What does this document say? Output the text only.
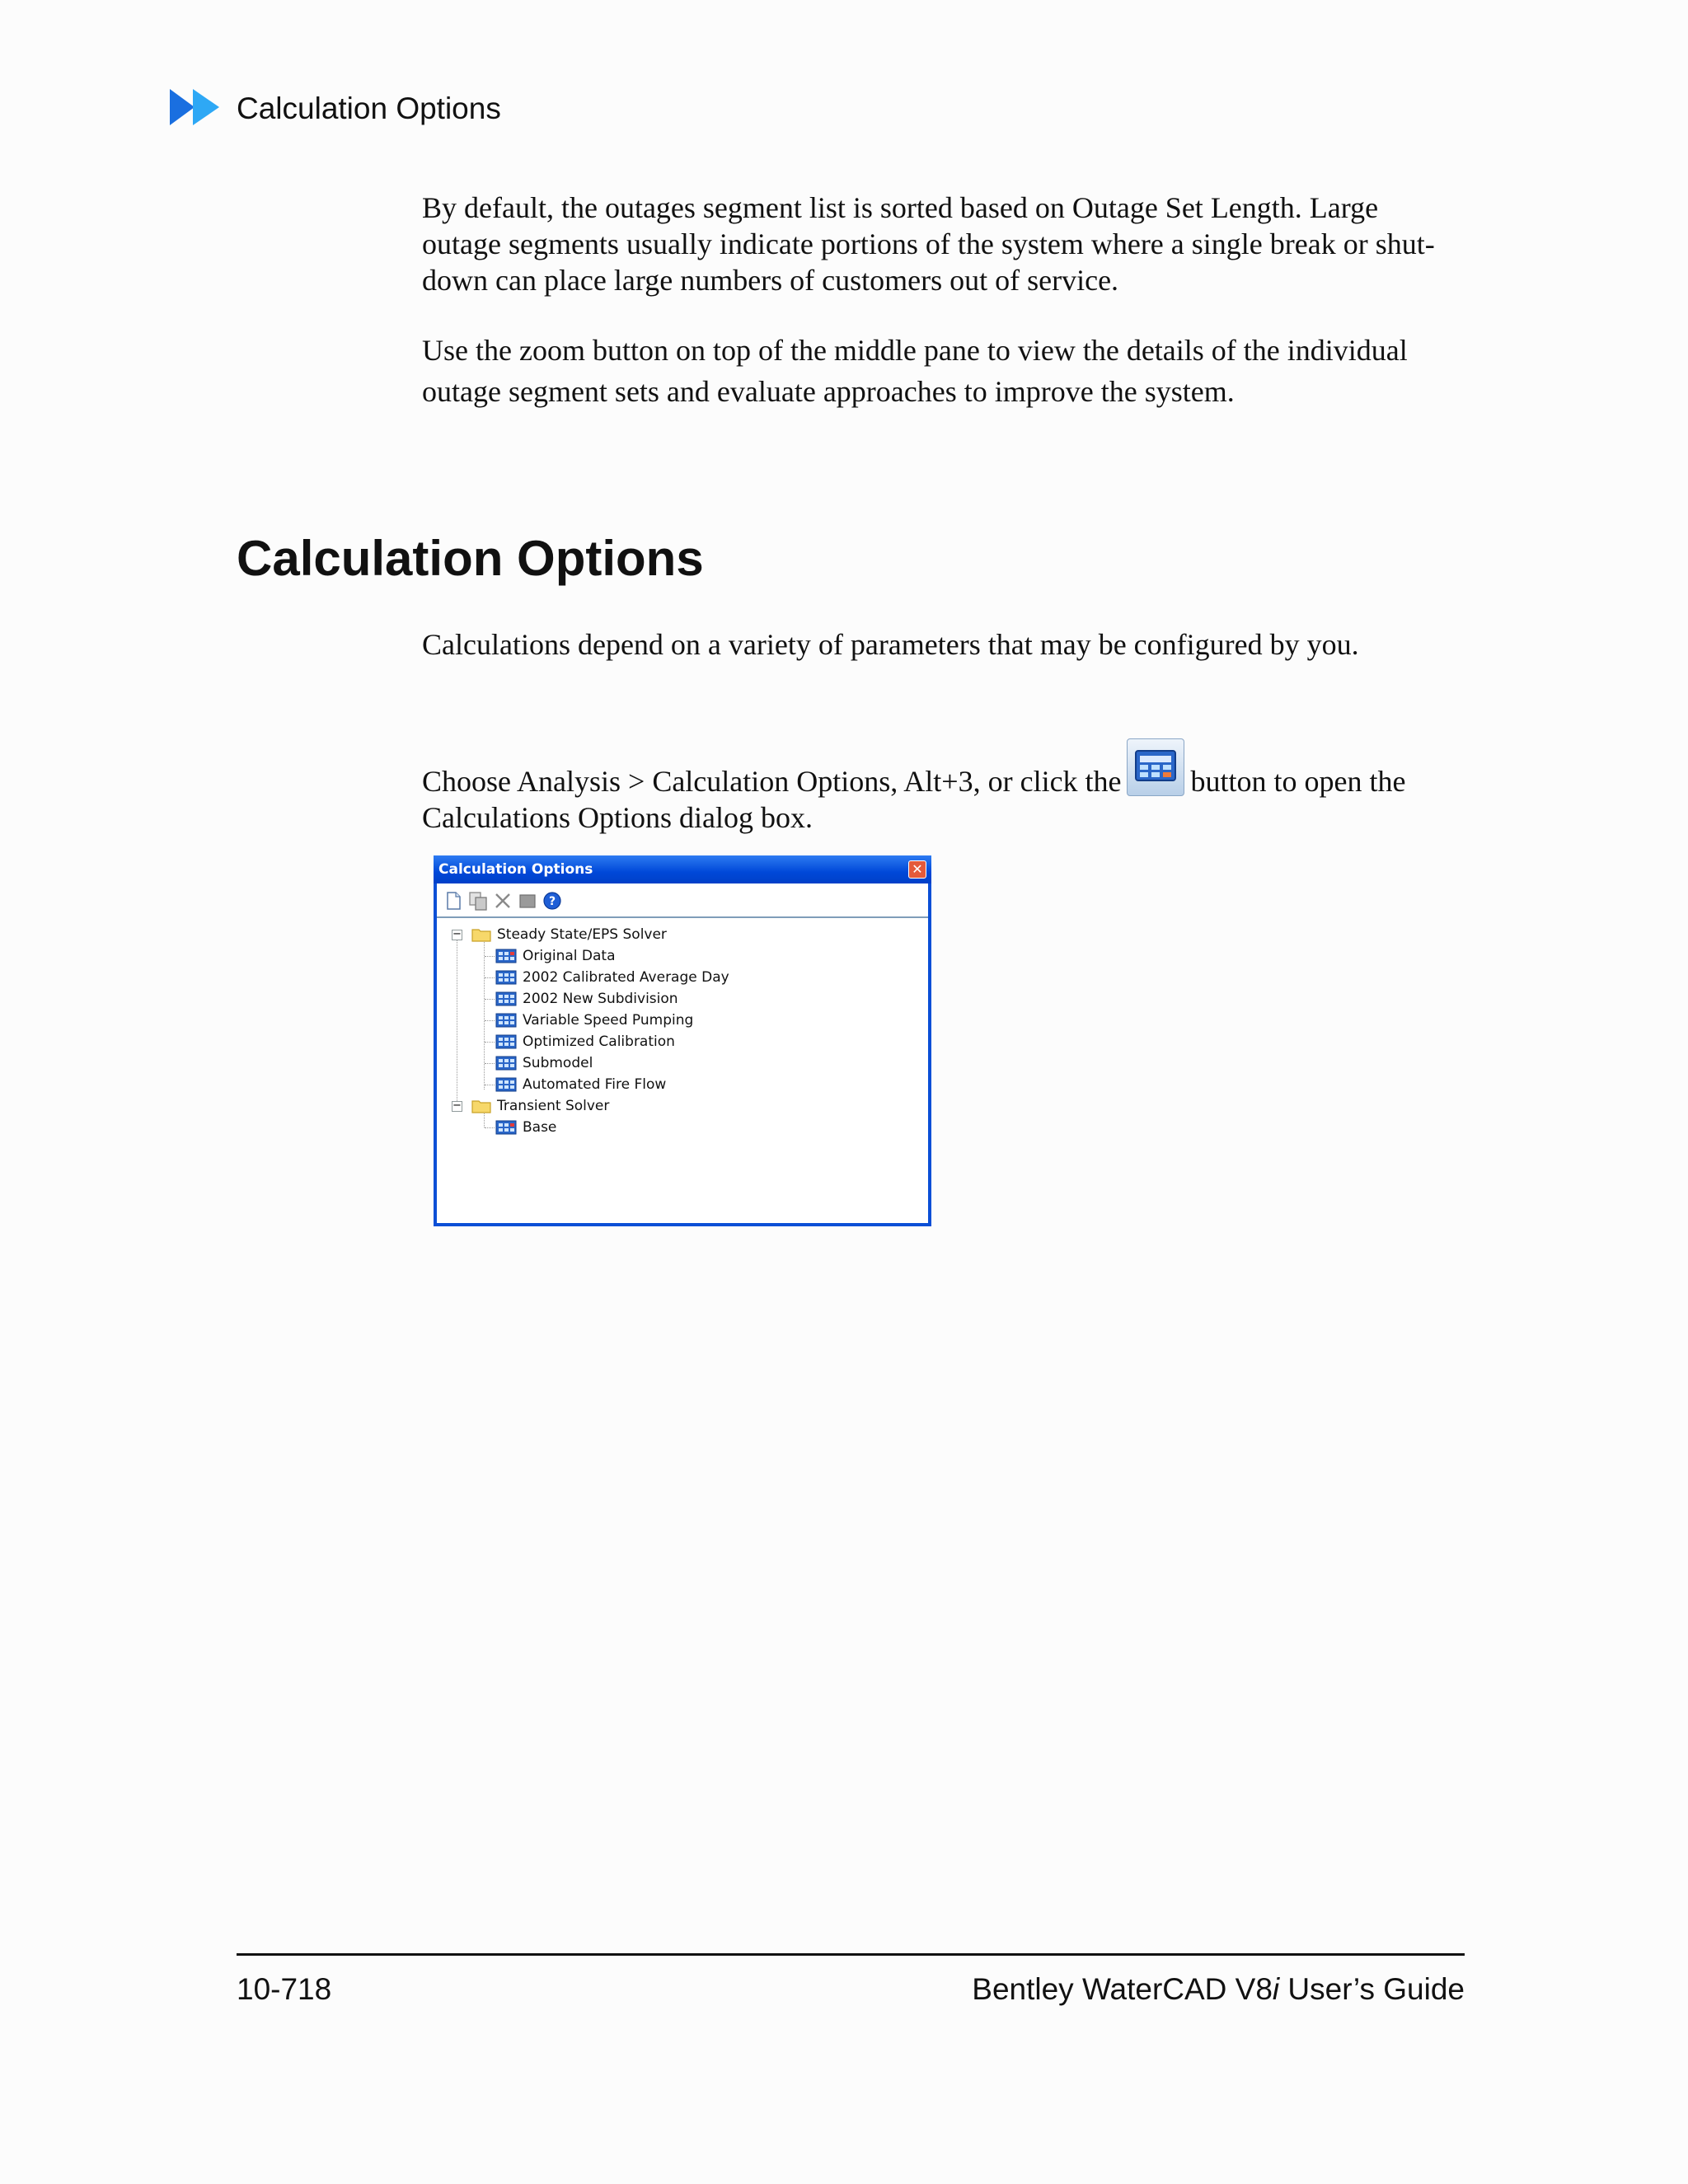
Calculation Options
By default, the outages segment list is sorted based on Outage Set Length. Large outage segments usually indicate portions of the system where a single break or shut-down can place large numbers of customers out of service.
Use the zoom button on top of the middle pane to view the details of the individual outage segment sets and evaluate approaches to improve the system.
Calculation Options
Calculations depend on a variety of parameters that may be configured by you.
Choose Analysis > Calculation Options, Alt+3, or click the button to open the Calculations Options dialog box.
Calculation Options	✕
?
−	Steady State/EPS Solver
Original Data
2002 Calibrated Average Day
2002 New Subdivision
Variable Speed Pumping
Optimized Calibration
Submodel
Automated Fire Flow
−	Transient Solver
Base
10-718	Bentley WaterCAD V8i User’s Guide
